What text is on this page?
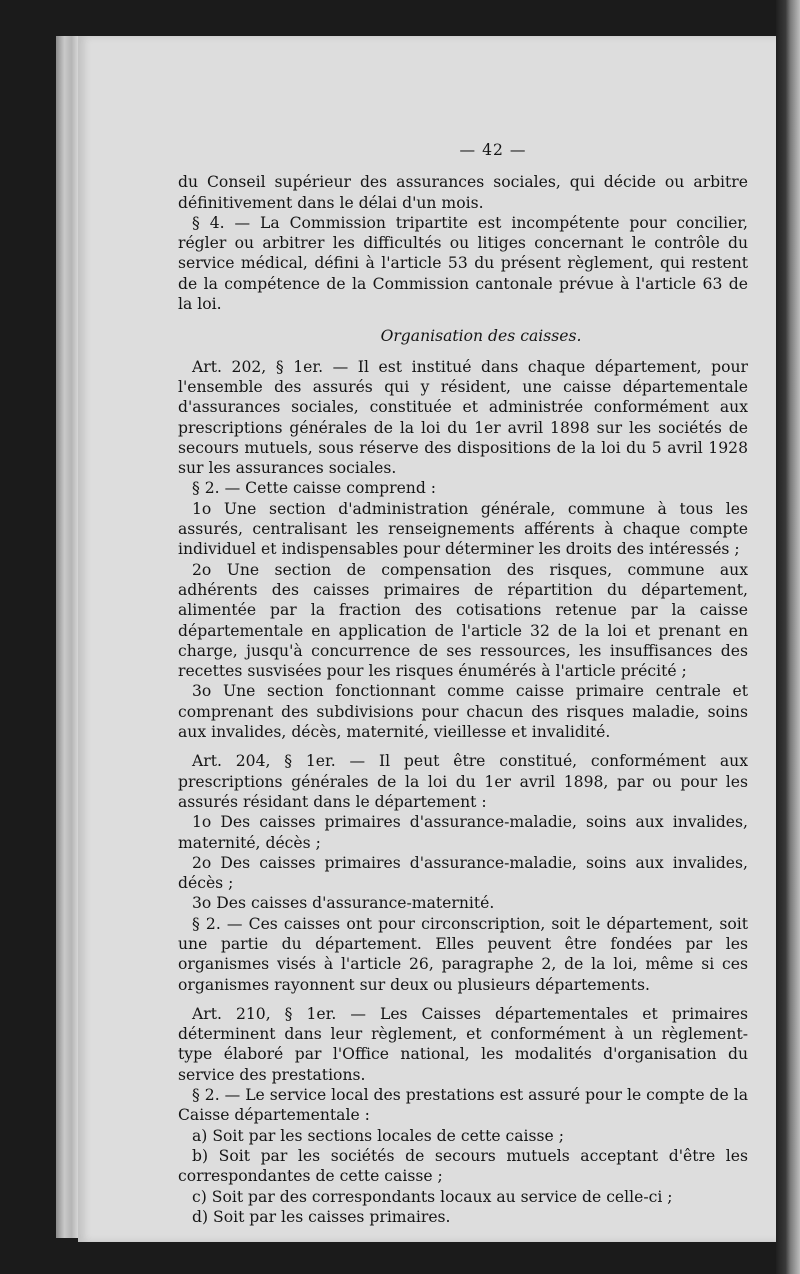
— 42 —

du Conseil supérieur des assurances sociales, qui décide ou arbitre définitivement dans le délai d'un mois.

§ 4. — La Commission tripartite est incompétente pour concilier, régler ou arbitrer les difficultés ou litiges concernant le contrôle du service médical, défini à l'article 53 du présent règlement, qui restent de la compétence de la Commission cantonale prévue à l'article 63 de la loi.

Organisation des caisses.

Art. 202, § 1er. — Il est institué dans chaque département, pour l'ensemble des assurés qui y résident, une caisse départementale d'assurances sociales, constituée et administrée conformément aux prescriptions générales de la loi du 1er avril 1898 sur les sociétés de secours mutuels, sous réserve des dispositions de la loi du 5 avril 1928 sur les assurances sociales.

§ 2. — Cette caisse comprend :

1o Une section d'administration générale, commune à tous les assurés, centralisant les renseignements afférents à chaque compte individuel et indispensables pour déterminer les droits des intéressés ;

2o Une section de compensation des risques, commune aux adhérents des caisses primaires de répartition du département, alimentée par la fraction des cotisations retenue par la caisse départementale en application de l'article 32 de la loi et prenant en charge, jusqu'à concurrence de ses ressources, les insuffisances des recettes susvisées pour les risques énumérés à l'article précité ;

3o Une section fonctionnant comme caisse primaire centrale et comprenant des subdivisions pour chacun des risques maladie, soins aux invalides, décès, maternité, vieillesse et invalidité.

Art. 204, § 1er. — Il peut être constitué, conformément aux prescriptions générales de la loi du 1er avril 1898, par ou pour les assurés résidant dans le département :

1o Des caisses primaires d'assurance-maladie, soins aux invalides, maternité, décès ;

2o Des caisses primaires d'assurance-maladie, soins aux invalides, décès ;

3o Des caisses d'assurance-maternité.

§ 2. — Ces caisses ont pour circonscription, soit le département, soit une partie du département. Elles peuvent être fondées par les organismes visés à l'article 26, paragraphe 2, de la loi, même si ces organismes rayonnent sur deux ou plusieurs départements.

Art. 210, § 1er. — Les Caisses départementales et primaires déterminent dans leur règlement, et conformément à un règlement-type élaboré par l'Office national, les modalités d'organisation du service des prestations.

§ 2. — Le service local des prestations est assuré pour le compte de la Caisse départementale :

a) Soit par les sections locales de cette caisse ;

b) Soit par les sociétés de secours mutuels acceptant d'être les correspondantes de cette caisse ;

c) Soit par des correspondants locaux au service de celle-ci ;

d) Soit par les caisses primaires.
